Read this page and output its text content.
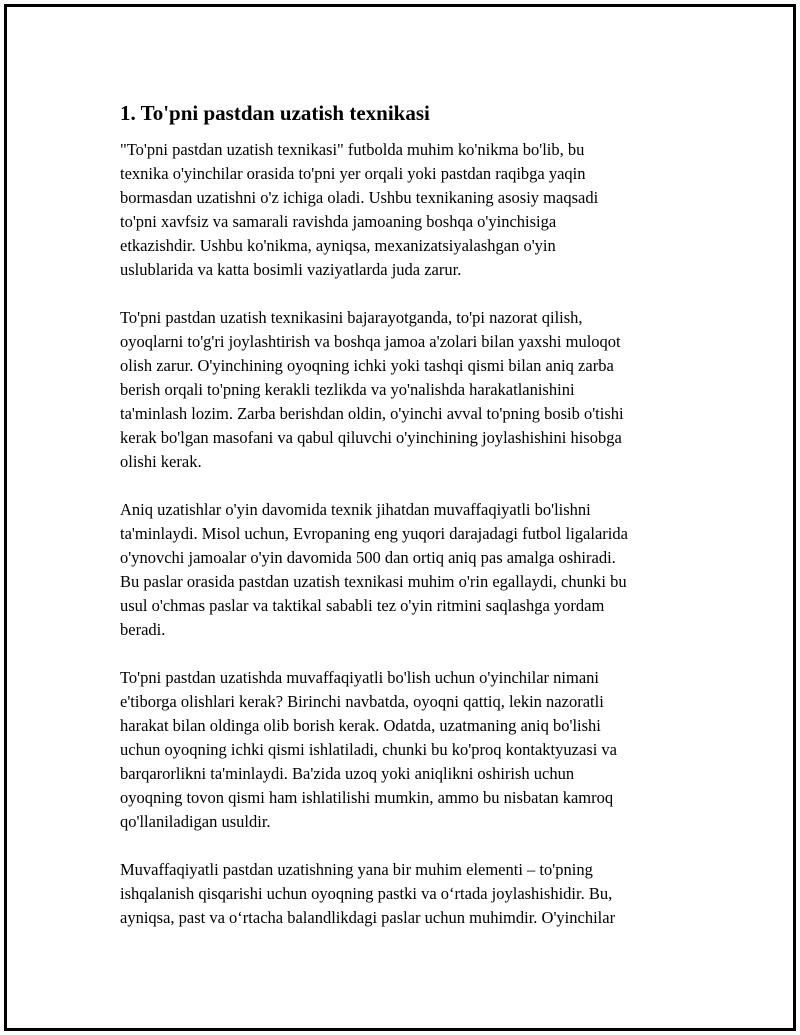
1. To'pni pastdan uzatish texnikasi

"To'pni pastdan uzatish texnikasi" futbolda muhim ko'nikma bo'lib, bu
texnika o'yinchilar orasida to'pni yer orqali yoki pastdan raqibga yaqin
bormasdan uzatishni o'z ichiga oladi. Ushbu texnikaning asosiy maqsadi
to'pni xavfsiz va samarali ravishda jamoaning boshqa o'yinchisiga
etkazishdir. Ushbu ko'nikma, ayniqsa, mexanizatsiyalashgan o'yin
uslublarida va katta bosimli vaziyatlarda juda zarur.

To'pni pastdan uzatish texnikasini bajarayotganda, to'pi nazorat qilish,
oyoqlarni to'g'ri joylashtirish va boshqa jamoa a'zolari bilan yaxshi muloqot
olish zarur. O'yinchining oyoqning ichki yoki tashqi qismi bilan aniq zarba
berish orqali to'pning kerakli tezlikda va yo'nalishda harakatlanishini
ta'minlash lozim. Zarba berishdan oldin, o'yinchi avval to'pning bosib o'tishi
kerak bo'lgan masofani va qabul qiluvchi o'yinchining joylashishini hisobga
olishi kerak.

Aniq uzatishlar o'yin davomida texnik jihatdan muvaffaqiyatli bo'lishni
ta'minlaydi. Misol uchun, Evropaning eng yuqori darajadagi futbol ligalarida
o'ynovchi jamoalar o'yin davomida 500 dan ortiq aniq pas amalga oshiradi.
Bu paslar orasida pastdan uzatish texnikasi muhim o'rin egallaydi, chunki bu
usul o'chmas paslar va taktikal sababli tez o'yin ritmini saqlashga yordam
beradi.

To'pni pastdan uzatishda muvaffaqiyatli bo'lish uchun o'yinchilar nimani
e'tiborga olishlari kerak? Birinchi navbatda, oyoqni qattiq, lekin nazoratli
harakat bilan oldinga olib borish kerak. Odatda, uzatmaning aniq bo'lishi
uchun oyoqning ichki qismi ishlatiladi, chunki bu ko'proq kontaktyuzasi va
barqarorlikni ta'minlaydi. Ba'zida uzoq yoki aniqlikni oshirish uchun
oyoqning tovon qismi ham ishlatilishi mumkin, ammo bu nisbatan kamroq
qo'llaniladigan usuldir.

Muvaffaqiyatli pastdan uzatishning yana bir muhim elementi – to'pning
ishqalanish qisqarishi uchun oyoqning pastki va o‘rtada joylashishidir. Bu,
ayniqsa, past va o‘rtacha balandlikdagi paslar uchun muhimdir. O'yinchilar
